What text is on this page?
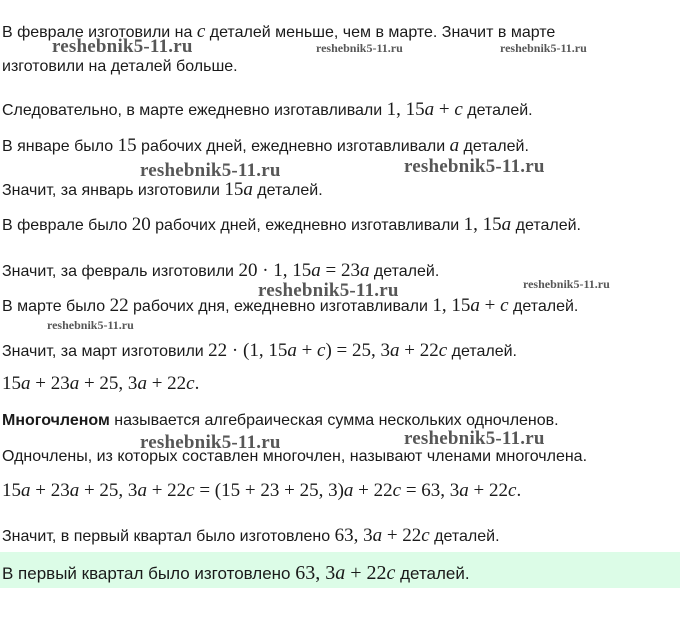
В феврале изготовили на c деталей меньше, чем в марте. Значит в марте
изготовили на деталей больше.
Следовательно, в марте ежедневно изготавливали 1, 15a + c деталей.
В январе было 15 рабочих дней, ежедневно изготавливали a деталей.
Значит, за январь изготовили 15a деталей.
В феврале было 20 рабочих дней, ежедневно изготавливали 1, 15a деталей.
Значит, за февраль изготовили 20 · 1, 15a = 23a деталей.
В марте было 22 рабочих дня, ежедневно изготавливали 1, 15a + c деталей.
Значит, за март изготовили 22 · (1, 15a + c) = 25, 3a + 22c деталей.
15a + 23a + 25, 3a + 22c.
Многочленом называется алгебраическая сумма нескольких одночленов.
Одночлены, из которых составлен многочлен, называют членами многочлена.
15a + 23a + 25, 3a + 22c = (15 + 23 + 25, 3)a + 22c = 63, 3a + 22c.
Значит, в первый квартал было изготовлено 63, 3a + 22c деталей.
В первый квартал было изготовлено 63, 3a + 22c деталей.
reshebnik5-11.ru	reshebnik5-11.ru	reshebnik5-11.ru
reshebnik5-11.ru	reshebnik5-11.ru
reshebnik5-11.ru
reshebnik5-11.ru
reshebnik5-11.ru
reshebnik5-11.ru	reshebnik5-11.ru
